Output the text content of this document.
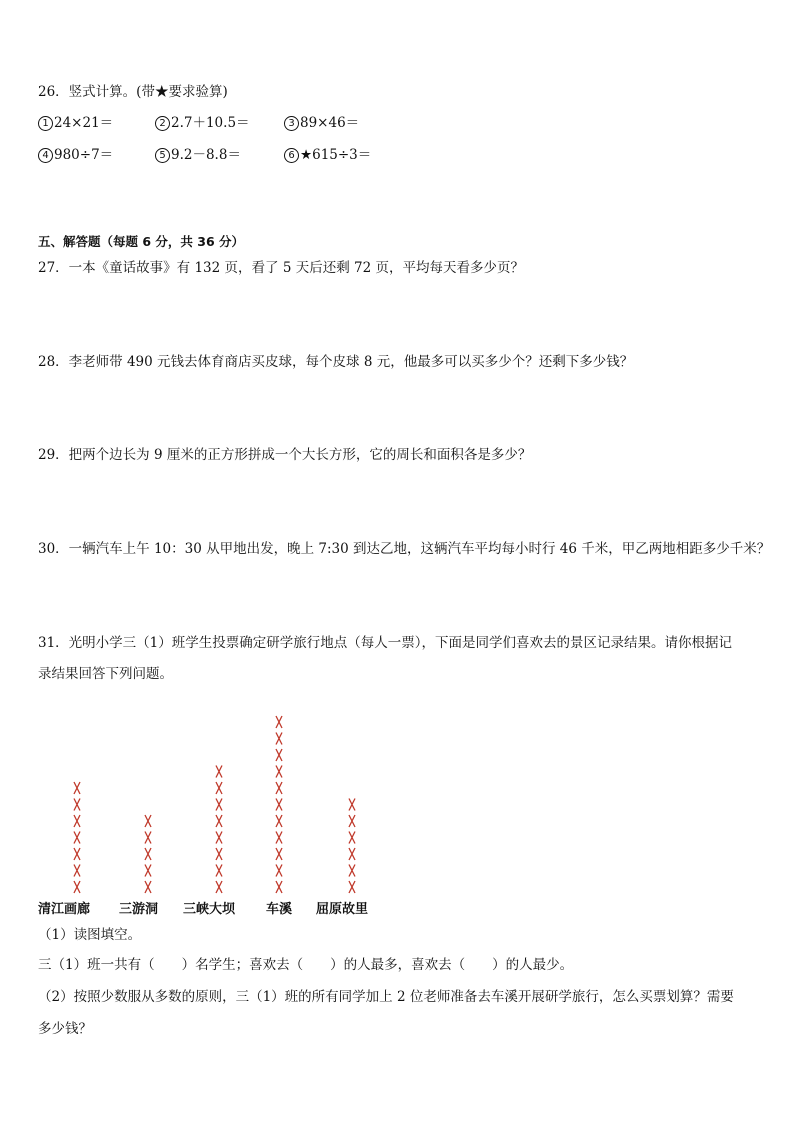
26．竖式计算。(带★要求验算)
1 24×21＝	2 2.7＋10.5＝	3 89×46＝
4 980÷7＝	5 9.2－8.8＝	6 ★615÷3＝
五、解答题（每题 6 分，共 36 分）
27．一本《童话故事》有 132 页，看了 5 天后还剩 72 页，平均每天看多少页？
28．李老师带 490 元钱去体育商店买皮球，每个皮球 8 元，他最多可以买多少个？还剩下多少钱？
29．把两个边长为 9 厘米的正方形拼成一个大长方形，它的周长和面积各是多少？
30．一辆汽车上午 10：30 从甲地出发，晚上 7:30 到达乙地，这辆汽车平均每小时行 46 千米，甲乙两地相距多少千米？
31．光明小学三（1）班学生投票确定研学旅行地点（每人一票），下面是同学们喜欢去的景区记录结果。请你根据记
录结果回答下列问题。
清江画廊 三游洞 三峡大坝 车溪 屈原故里
（1）读图填空。
三（1）班一共有（　　）名学生；喜欢去（　　）的人最多，喜欢去（　　）的人最少。
（2）按照少数服从多数的原则，三（1）班的所有同学加上 2 位老师准备去车溪开展研学旅行，怎么买票划算？需要
多少钱？
